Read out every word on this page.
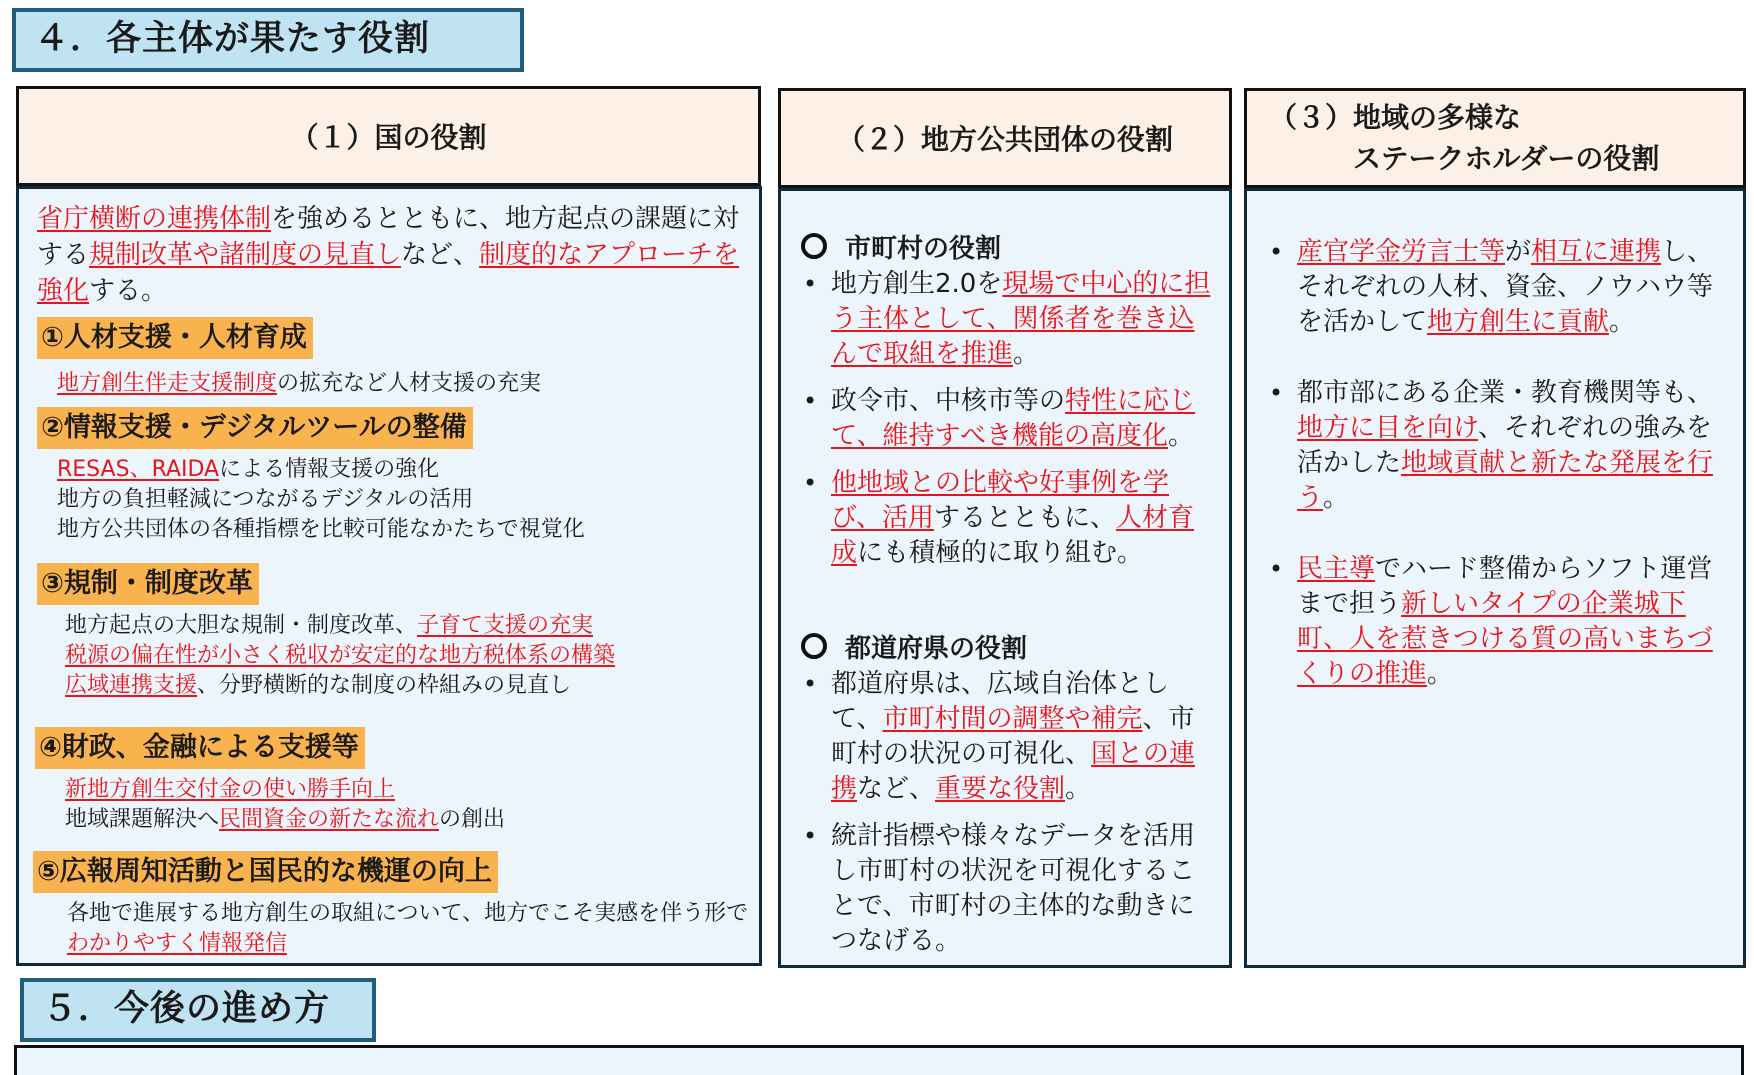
４．各主体が果たす役割
（１）国の役割
省庁横断の連携体制を強めるとともに、地方起点の課題に対する規制改革や諸制度の見直しなど、制度的なアプローチを強化する。
①人材支援・人材育成
地方創生伴走支援制度の拡充など人材支援の充実
②情報支援・デジタルツールの整備
RESAS、RAIDAによる情報支援の強化
地方の負担軽減につながるデジタルの活用
地方公共団体の各種指標を比較可能なかたちで視覚化
③規制・制度改革
地方起点の大胆な規制・制度改革、子育て支援の充実
税源の偏在性が小さく税収が安定的な地方税体系の構築
広域連携支援、分野横断的な制度の枠組みの見直し
④財政、金融による支援等
新地方創生交付金の使い勝手向上
地域課題解決へ民間資金の新たな流れの創出
⑤広報周知活動と国民的な機運の向上
各地で進展する地方創生の取組について、地方でこそ実感を伴う形でわかりやすく情報発信
（２）地方公共団体の役割
市町村の役割
• 地方創生2.0を現場で中心的に担う主体として、関係者を巻き込んで取組を推進。
• 政令市、中核市等の特性に応じて、維持すべき機能の高度化。
• 他地域との比較や好事例を学び、活用するとともに、人材育成にも積極的に取り組む。
都道府県の役割
• 都道府県は、広域自治体として、市町村間の調整や補完、市町村の状況の可視化、国との連携など、重要な役割。
• 統計指標や様々なデータを活用し市町村の状況を可視化することで、市町村の主体的な動きにつなげる。
（３）地域の多様な
ステークホルダーの役割
• 産官学金労言士等が相互に連携し、それぞれの人材、資金、ノウハウ等を活かして地方創生に貢献。
• 都市部にある企業・教育機関等も、地方に目を向け、それぞれの強みを活かした地域貢献と新たな発展を行う。
• 民主導でハード整備からソフト運営まで担う新しいタイプの企業城下町、人を惹きつける質の高いまちづくりの推進。
５．今後の進め方
